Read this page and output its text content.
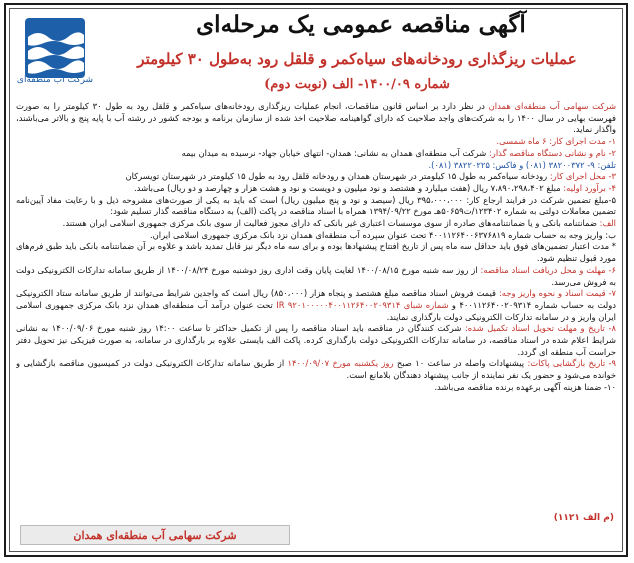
شرکت آب منطقه‌ای
آگهی مناقصه عمومی یک مرحله‌ای
عملیات ریزگذاری رودخانه‌های سیاه‌کمر و قلقل رود به‌طول ۳۰ کیلومتر
شماره ۱۴۰۰/۰۹- الف (نوبت دوم)

شرکت سهامی آب منطقه‌ای همدان در نظر دارد بر اساس قانون مناقصات، انجام عملیات ریزگذاری رودخانه‌های سیاه‌کمر و قلقل رود به طول ۳۰ کیلومتر را به صورت فهرست بهایی در سال ۱۴۰۰ را به شرکت‌های واجد صلاحیت که دارای گواهینامه صلاحیت اخذ شده از سازمان برنامه و بودجه کشور در رشته آب با پایه پنج و بالاتر می‌باشند، واگذار نماید.

۱- مدت اجرای کار: ۶ ماه شمسی.

۲- نام و نشانی دستگاه مناقصه گذار: شرکت آب منطقه‌ای همدان به نشانی: همدان- انتهای خیابان جهاد- نرسیده به میدان بیمه

تلفن: ۹- ۳۸۲۰۰۳۷۲ (۰۸۱) و فاکس: ۳۸۲۲۰۲۲۵ (۰۸۱).

۳- محل اجرای کار: رودخانه سیاه‌کمر به طول ۱۵ کیلومتر در شهرستان همدان و رودخانه قلقل رود به طول ۱۵ کیلومتر در شهرستان تویسرکان

۴- برآورد اولیه: مبلغ ۷،۸۹۰،۲۹۸،۴۰۲ ریال (هفت میلیارد و هشتصد و نود میلیون و دویست و نود و هشت هزار و چهارصد و دو ریال) می‌باشد.

۵-مبلغ تضمین شرکت در فرایند ارجاع کار: ۳۹۵،۰۰۰،۰۰۰ ریال (سیصد و نود و پنج میلیون ریال) است که باید به یکی از صورت‌های مشروحه ذیل و با رعایت مفاد آیین‌نامه تضمین معاملات دولتی به شماره ۱۲۳۴۰۲/ت۵۰۶۵۹هـ مورخ ۱۳۹۴/۰۹/۲۲ همراه با اسناد مناقصه در پاکت (الف) به دستگاه مناقصه گذار تسلیم شود:

الف: ضمانتنامه بانکی و یا ضمانتنامه‌های صادره از سوی موسسات اعتباری غیر بانکی که دارای مجوز فعالیت از سوی بانک مرکزی جمهوری اسلامی ایران هستند.

ب: واریز وجه به حساب شماره ۴۰۰۱۱۲۶۴۰۰۶۳۷۶۸۱۹ تحت عنوان سپرده آب منطقه‌ای همدان نزد بانک مرکزی جمهوری اسلامی ایران.

* مدت اعتبار تضمین‌های فوق باید حداقل سه ماه پس از تاریخ افتتاح پیشنهادها بوده و برای سه ماه دیگر نیز قابل تمدید باشد و علاوه بر آن ضمانتنامه بانکی باید طبق فرم‌های مورد قبول تنظیم شود.

۶- مهلت و محل دریافت اسناد مناقصه: از روز سه شنبه مورخ ۱۴۰۰/۰۸/۱۵ لغایت پایان وقت اداری روز دوشنبه مورخ ۱۴۰۰/۰۸/۲۴ از طریق سامانه تدارکات الکترونیکی دولت به فروش می‌رسد.

۷- قیمت اسناد و نحوه واریز وجه: قیمت فروش اسناد مناقصه مبلغ هشتصد و پنجاه هزار (۸۵۰،۰۰۰) ریال است که واجدین شرایط می‌توانند از طریق سامانه ستاد الکترونیکی دولت به حساب شماره ۴۰۰۱۱۲۶۴۰۰۲۰۹۳۱۴ و شماره شبای ۹۲۰۱۰۰۰۰۰۴۰۰۱۱۲۶۴۰۰۲۰۹۳۱۴ IR تحت عنوان درآمد آب منطقه‌ای همدان نزد بانک مرکزی جمهوری اسلامی ایران واریز و در سامانه تدارکات الکترونیکی دولت بارگذاری نمایند.

۸- تاریخ و مهلت تحویل اسناد تکمیل شده: شرکت کنندگان در مناقصه باید اسناد مناقصه را پس از تکمیل حداکثر تا ساعت ۱۴:۰۰ روز شنبه مورخ ۱۴۰۰/۰۹/۰۶ به نشانی شرایط اعلام شده در اسناد مناقصه، در سامانه تدارکات الکترونیکی دولت بارگذاری کرده. پاکت الف بایستی علاوه بر بارگذاری در سامانه، به صورت فیزیکی نیز تحویل دفتر حراست آب منطقه ای گردد.

۹- تاریخ بازگشایی پاکات: پیشنهادات واصله در ساعت ۱۰ صبح روز یکشنبه مورخ ۱۴۰۰/۰۹/۰۷ از طریق سامانه تدارکات الکترونیکی دولت در کمیسیون مناقصه بازگشایی و خوانده می‌شود و حضور یک نفر نماینده از جانب پیشنهاد دهندگان بلامانع است.

۱۰- ضمنا هزینه آگهی برعهده برنده مناقصه می‌باشد.

(م الف ۱۱۲۱)
شرکت سهامی آب منطقه‌ای همدان
